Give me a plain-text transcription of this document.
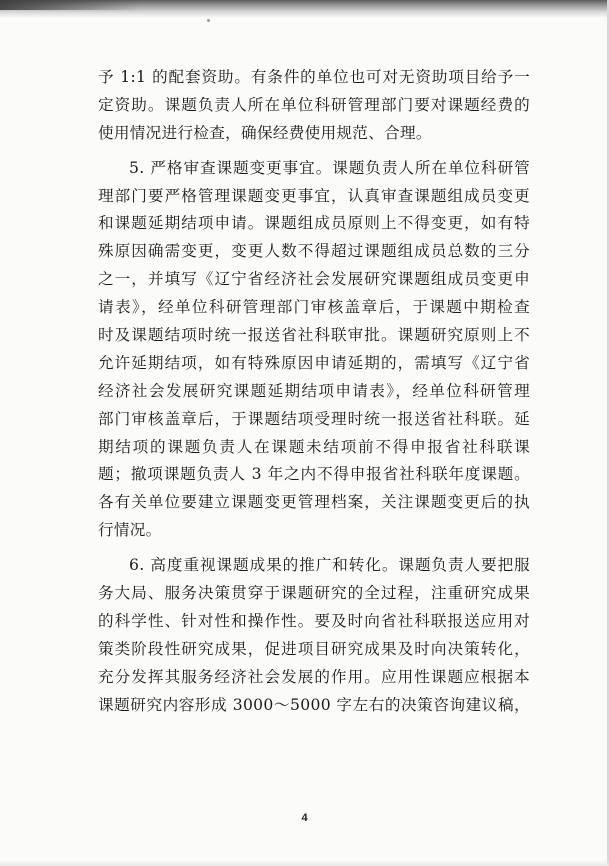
予 1:1 的配套资助。有条件的单位也可对无资助项目给予一
定资助。课题负责人所在单位科研管理部门要对课题经费的
使用情况进行检查，确保经费使用规范、合理。
5. 严格审查课题变更事宜。课题负责人所在单位科研管
理部门要严格管理课题变更事宜，认真审查课题组成员变更
和课题延期结项申请。课题组成员原则上不得变更，如有特
殊原因确需变更，变更人数不得超过课题组成员总数的三分
之一，并填写《辽宁省经济社会发展研究课题组成员变更申
请表》，经单位科研管理部门审核盖章后，于课题中期检查
时及课题结项时统一报送省社科联审批。课题研究原则上不
允许延期结项，如有特殊原因申请延期的，需填写《辽宁省
经济社会发展研究课题延期结项申请表》，经单位科研管理
部门审核盖章后，于课题结项受理时统一报送省社科联。延
期结项的课题负责人在课题未结项前不得申报省社科联课
题；撤项课题负责人 3 年之内不得申报省社科联年度课题。
各有关单位要建立课题变更管理档案，关注课题变更后的执
行情况。
6. 高度重视课题成果的推广和转化。课题负责人要把服
务大局、服务决策贯穿于课题研究的全过程，注重研究成果
的科学性、针对性和操作性。要及时向省社科联报送应用对
策类阶段性研究成果，促进项目研究成果及时向决策转化，
充分发挥其服务经济社会发展的作用。应用性课题应根据本
课题研究内容形成 3000～5000 字左右的决策咨询建议稿，
4
